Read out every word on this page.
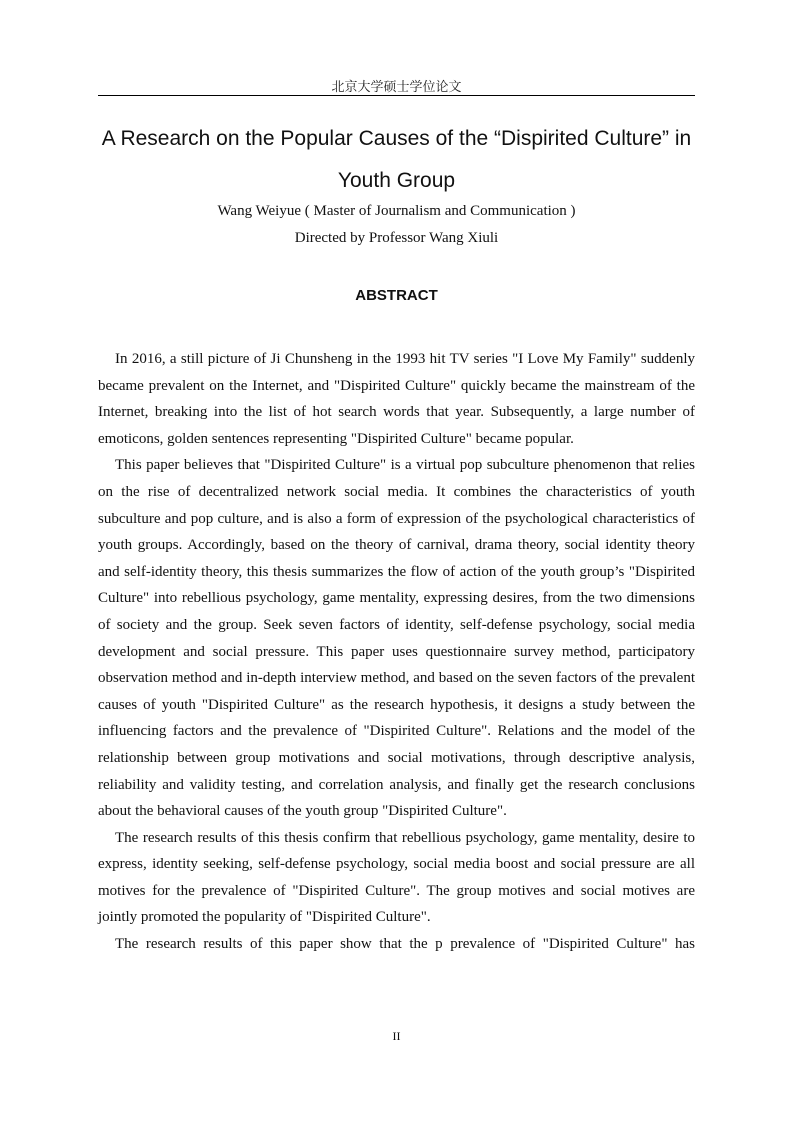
北京大学硕士学位论文
A Research on the Popular Causes of the “Dispirited Culture” in
Youth Group
Wang Weiyue ( Master of Journalism and Communication )
Directed by Professor Wang Xiuli
ABSTRACT

In 2016, a still picture of Ji Chunsheng in the 1993 hit TV series "I Love My Family" suddenly became prevalent on the Internet, and "Dispirited Culture" quickly became the mainstream of the Internet, breaking into the list of hot search words that year. Subsequently, a large number of emoticons, golden sentences representing "Dispirited Culture" became popular.

This paper believes that "Dispirited Culture" is a virtual pop subculture phenomenon that relies on the rise of decentralized network social media. It combines the characteristics of youth subculture and pop culture, and is also a form of expression of the psychological characteristics of youth groups. Accordingly, based on the theory of carnival, drama theory, social identity theory and self-identity theory, this thesis summarizes the flow of action of the youth group’s "Dispirited Culture" into rebellious psychology, game mentality, expressing desires, from the two dimensions of society and the group. Seek seven factors of identity, self-defense psychology, social media development and social pressure. This paper uses questionnaire survey method, participatory observation method and in-depth interview method, and based on the seven factors of the prevalent causes of youth "Dispirited Culture" as the research hypothesis, it designs a study between the influencing factors and the prevalence of "Dispirited Culture". Relations and the model of the relationship between group motivations and social motivations, through descriptive analysis, reliability and validity testing, and correlation analysis, and finally get the research conclusions about the behavioral causes of the youth group "Dispirited Culture".

The research results of this thesis confirm that rebellious psychology, game mentality, desire to express, identity seeking, self-defense psychology, social media boost and social pressure are all motives for the prevalence of "Dispirited Culture". The group motives and social motives are jointly promoted the popularity of "Dispirited Culture".

The research results of this paper show that the p prevalence of "Dispirited Culture" has

II
